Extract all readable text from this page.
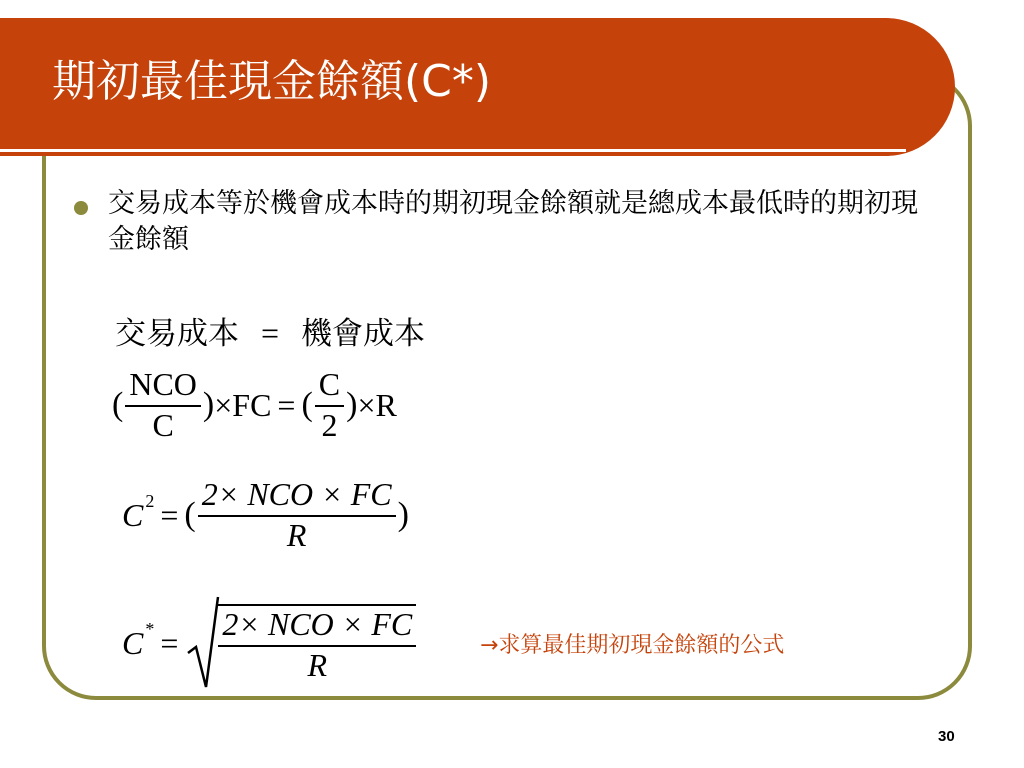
期初最佳現金餘額(C*)
交易成本等於機會成本時的期初現金餘額就是總成本最低時的期初現金餘額
交易成本 = 機會成本
( $\frac{\text{NCO}}{C}$ ) × FC = ( $\frac{C}{2}$ ) × R
C 2 = ( $\frac{\text{2× NCO × FC}}{R}$ )
C * = $\frac{\text{2× NCO × FC}}{R}$	→求算最佳期初現金餘額的公式
30
